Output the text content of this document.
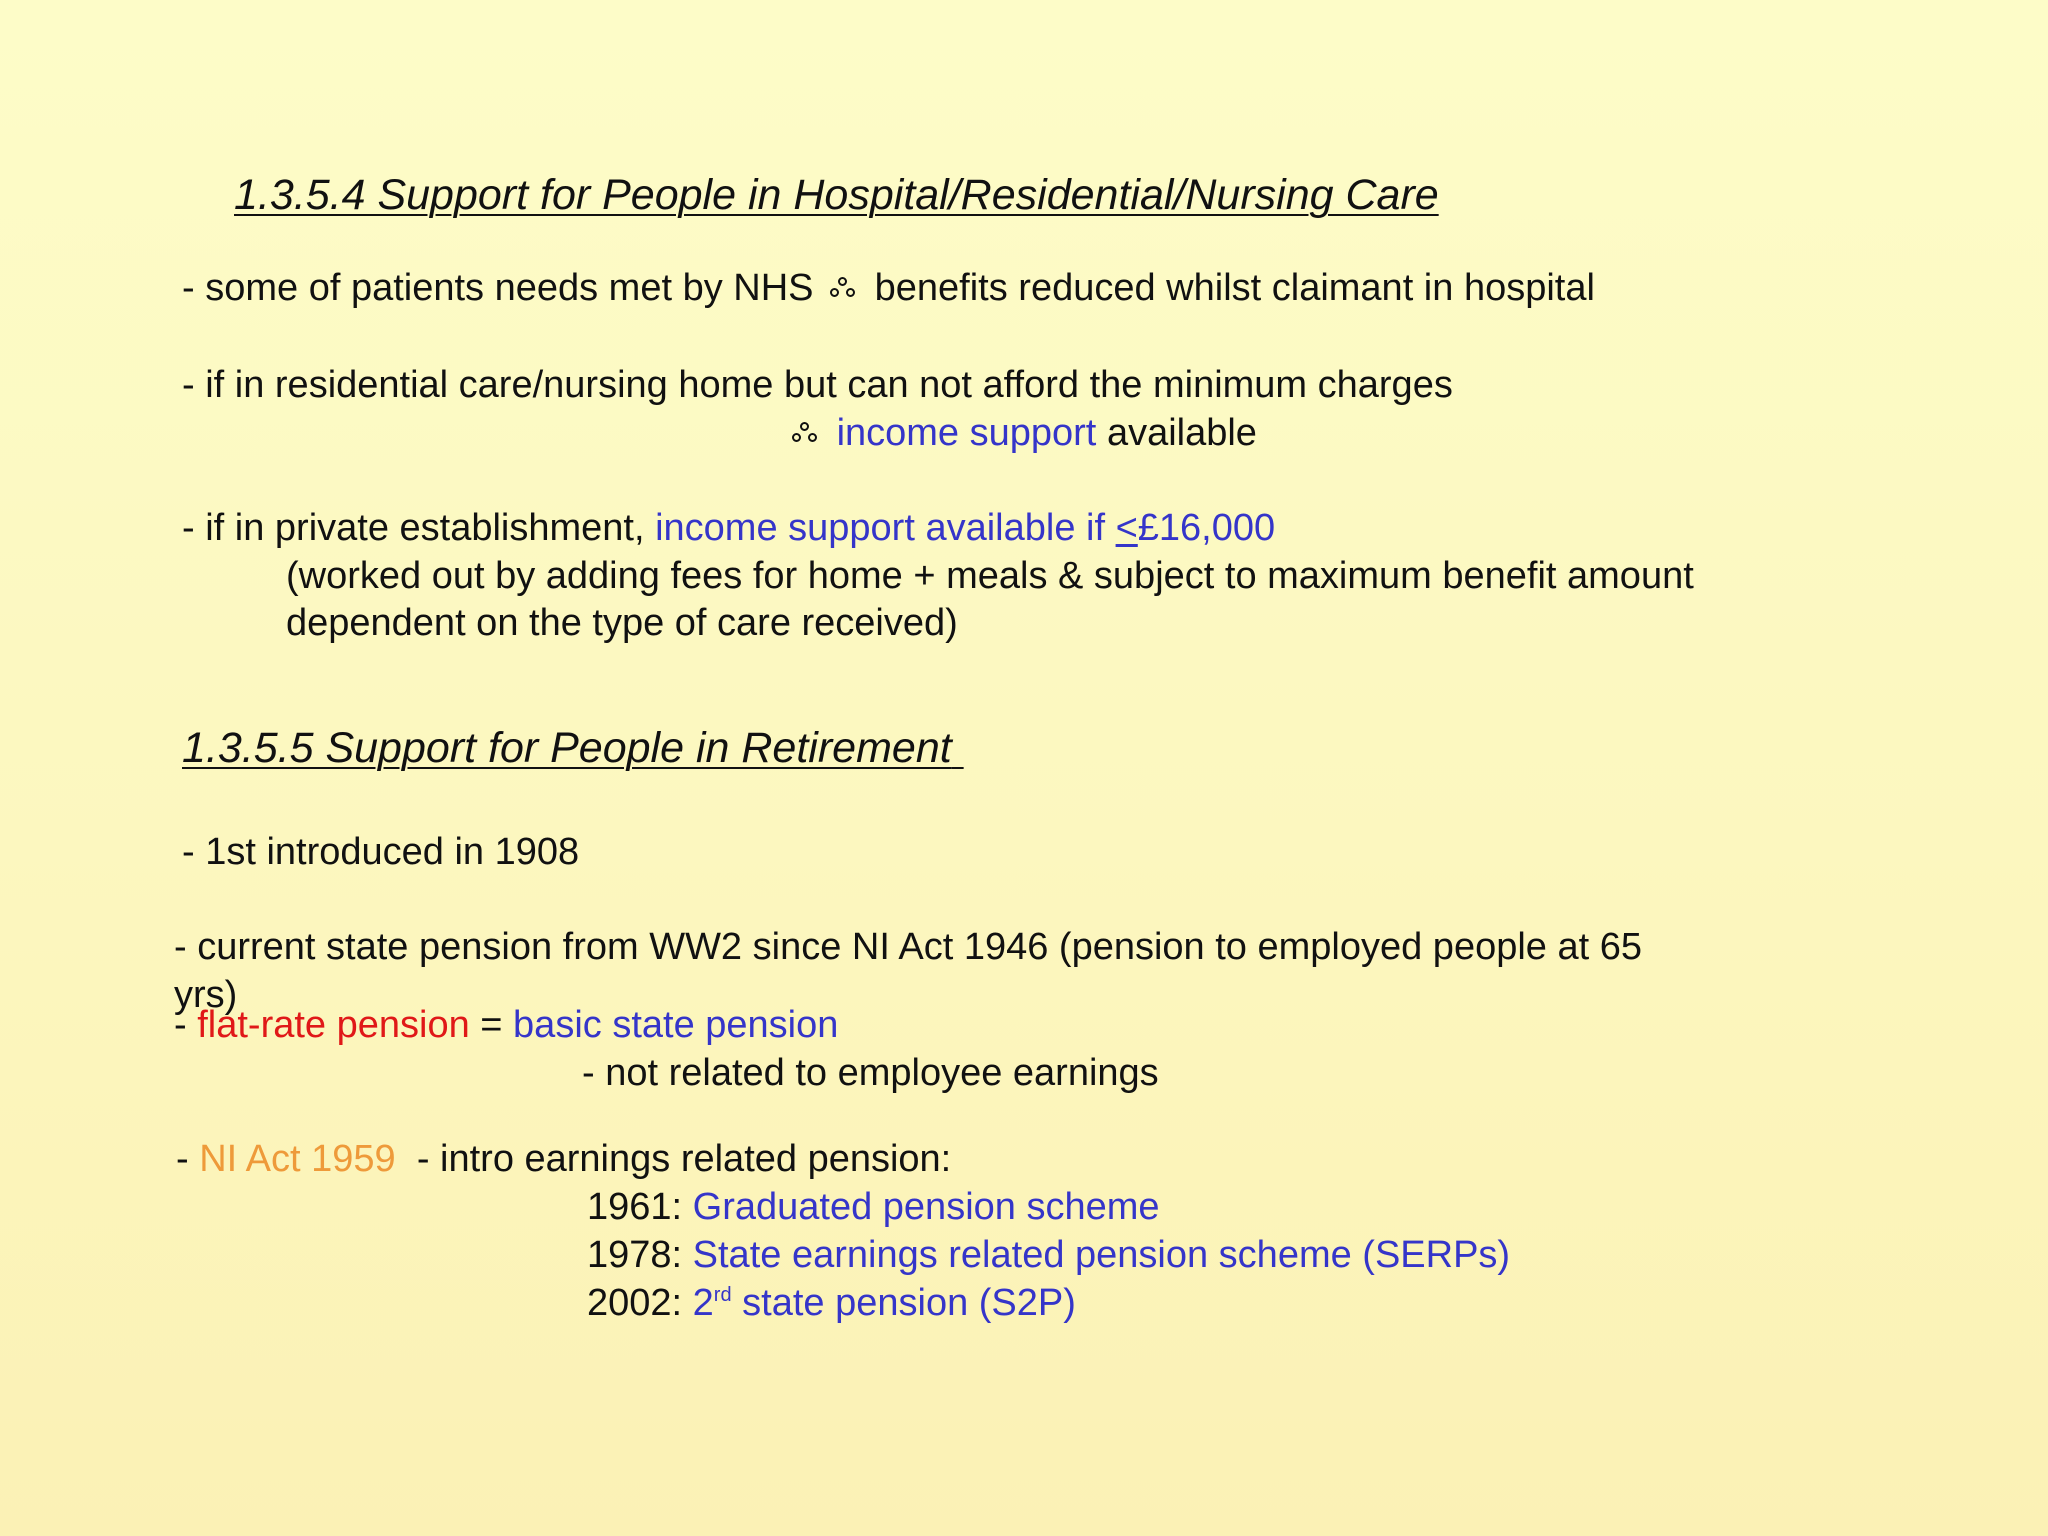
1.3.5.4 Support for People in Hospital/Residential/Nursing Care
- some of patients needs met by NHS benefits reduced whilst claimant in hospital
- if in residential care/nursing home but can not afford the minimum charges
income support available
- if in private establishment, income support available if ≤£16,000
(worked out by adding fees for home + meals & subject to maximum benefit amount
dependent on the type of care received)
1.3.5.5 Support for People in Retirement
- 1st introduced in 1908
- current state pension from WW2 since NI Act 1946 (pension to employed people at 65
yrs)
- flat-rate pension = basic state pension
- not related to employee earnings
- NI Act 1959 - intro earnings related pension:
1961: Graduated pension scheme
1978: State earnings related pension scheme (SERPs)
2002: 2rd state pension (S2P)
